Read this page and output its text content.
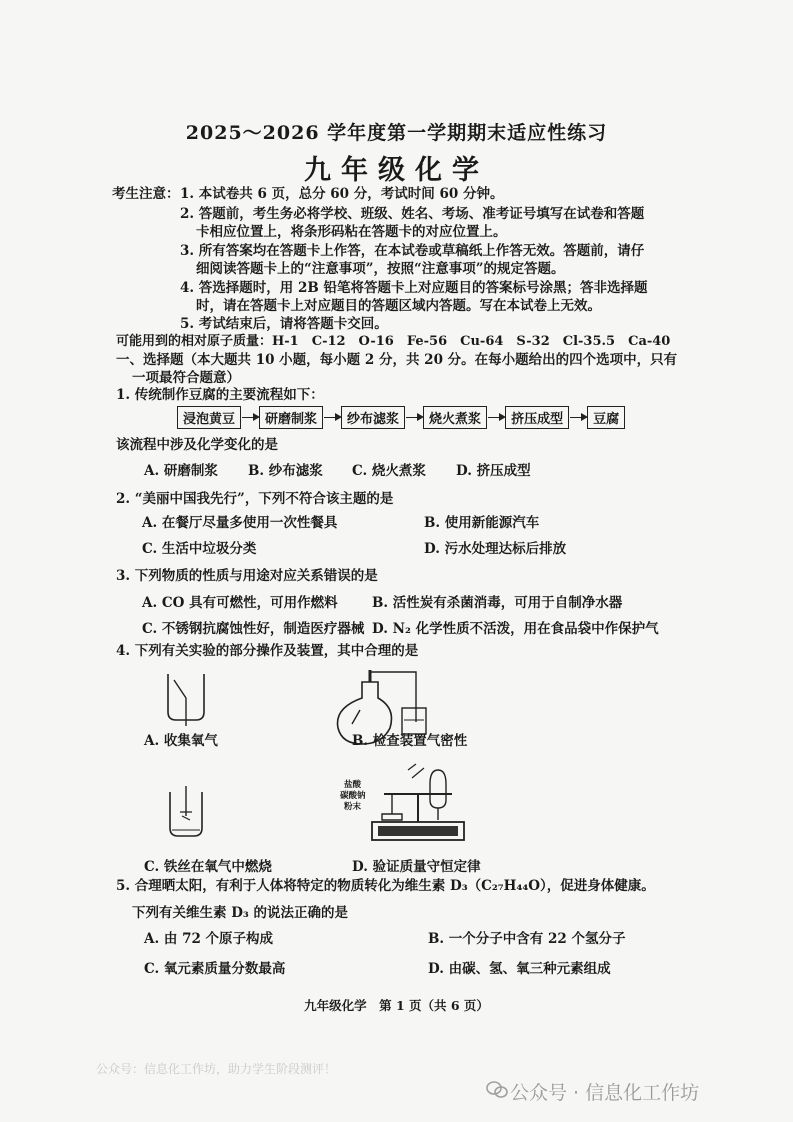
2025～2026 学年度第一学期期末适应性练习
九年级化学
考生注意： 1. 本试卷共 6 页，总分 60 分，考试时间 60 分钟。
2. 答题前，考生务必将学校、班级、姓名、考场、准考证号填写在试卷和答题
卡相应位置上，将条形码粘在答题卡的对应位置上。
3. 所有答案均在答题卡上作答，在本试卷或草稿纸上作答无效。答题前，请仔
细阅读答题卡上的“注意事项”，按照“注意事项”的规定答题。
4. 答选择题时，用 2B 铅笔将答题卡上对应题目的答案标号涂黑；答非选择题
时，请在答题卡上对应题目的答题区域内答题。写在本试卷上无效。
5. 考试结束后，请将答题卡交回。
可能用到的相对原子质量：H-1　C-12　O-16　Fe-56　Cu-64　S-32　Cl-35.5　Ca-40
一、选择题（本大题共 10 小题，每小题 2 分，共 20 分。在每小题给出的四个选项中，只有
一项最符合题意）
1. 传统制作豆腐的主要流程如下：
浸泡黄豆	研磨制浆	纱布滤浆	烧火煮浆	挤压成型	豆腐
该流程中涉及化学变化的是
A. 研磨制浆 B. 纱布滤浆 C. 烧火煮浆 D. 挤压成型
2. “美丽中国我先行”，下列不符合该主题的是
A. 在餐厅尽量多使用一次性餐具	B. 使用新能源汽车
C. 生活中垃圾分类	D. 污水处理达标后排放
3. 下列物质的性质与用途对应关系错误的是
A. CO 具有可燃性，可用作燃料	B. 活性炭有杀菌消毒，可用于自制净水器
C. 不锈钢抗腐蚀性好，制造医疗器械 D. N₂ 化学性质不活泼，用在食品袋中作保护气
4. 下列有关实验的部分操作及装置，其中合理的是
A. 收集氧气	B. 检查装置气密性
C. 铁丝在氧气中燃烧
盐酸
碳酸钠
粉末
D. 验证质量守恒定律
5. 合理晒太阳，有利于人体将特定的物质转化为维生素 D₃（C₂₇H₄₄O），促进身体健康。
下列有关维生素 D₃ 的说法正确的是
A. 由 72 个原子构成	B. 一个分子中含有 22 个氢分子
C. 氧元素质量分数最高	D. 由碳、氢、氧三种元素组成
九年级化学　第 1 页（共 6 页）
公众号：信息化工作坊，助力学生阶段测评！
公众号 · 信息化工作坊
